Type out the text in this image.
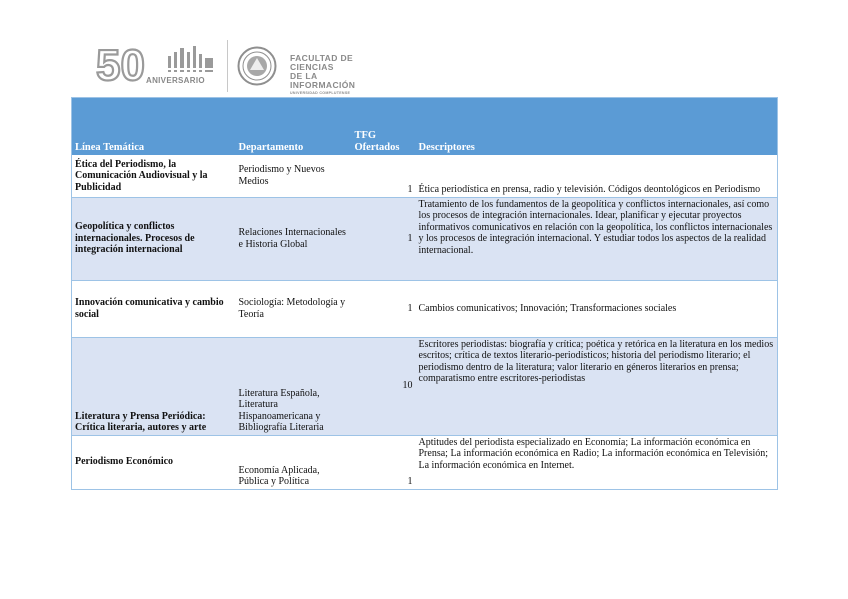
50 ANIVERSARIO
FACULTAD DE CIENCIAS
DE LA INFORMACIÓN
UNIVERSIDAD COMPLUTENSE
Línea Temática	Departamento	TFG Ofertados	Descriptores
Ética del Periodismo, la Comunicación Audiovisual y la Publicidad	Periodismo y Nuevos Medios	1	Ética periodística en prensa, radio y televisión. Códigos deontológicos en Periodismo
Geopolítica y conflictos internacionales. Procesos de integración internacional	Relaciones Internacionales e Historia Global	1	Tratamiento de los fundamentos de la geopolítica y conflictos internacionales, así como los procesos de integración internacionales. Idear, planificar y ejecutar proyectos informativos comunicativos en relación con la geopolítica, los conflictos internacionales y los procesos de integración internacional. Y estudiar todos los aspectos de la realidad internacional.
Innovación comunicativa y cambio social	Sociología: Metodología y Teoría	1	Cambios comunicativos; Innovación; Transformaciones sociales
Literatura y Prensa Periódica: Crítica literaria, autores y arte	Literatura Española, Literatura Hispanoamericana y Bibliografía Literaria	10	Escritores periodistas: biografía y crítica; poética y retórica en la literatura en los medios escritos; crítica de textos literario-periodísticos; historia del periodismo literario; el periodismo dentro de la literatura; valor literario en géneros literarios en prensa; comparatismo entre escritores-periodistas
Periodismo Económico	Economía Aplicada, Pública y Política	1	Aptitudes del periodista especializado en Economía; La información económica en Prensa; La información económica en Radio; La información económica en Televisión; La información económica en Internet.
